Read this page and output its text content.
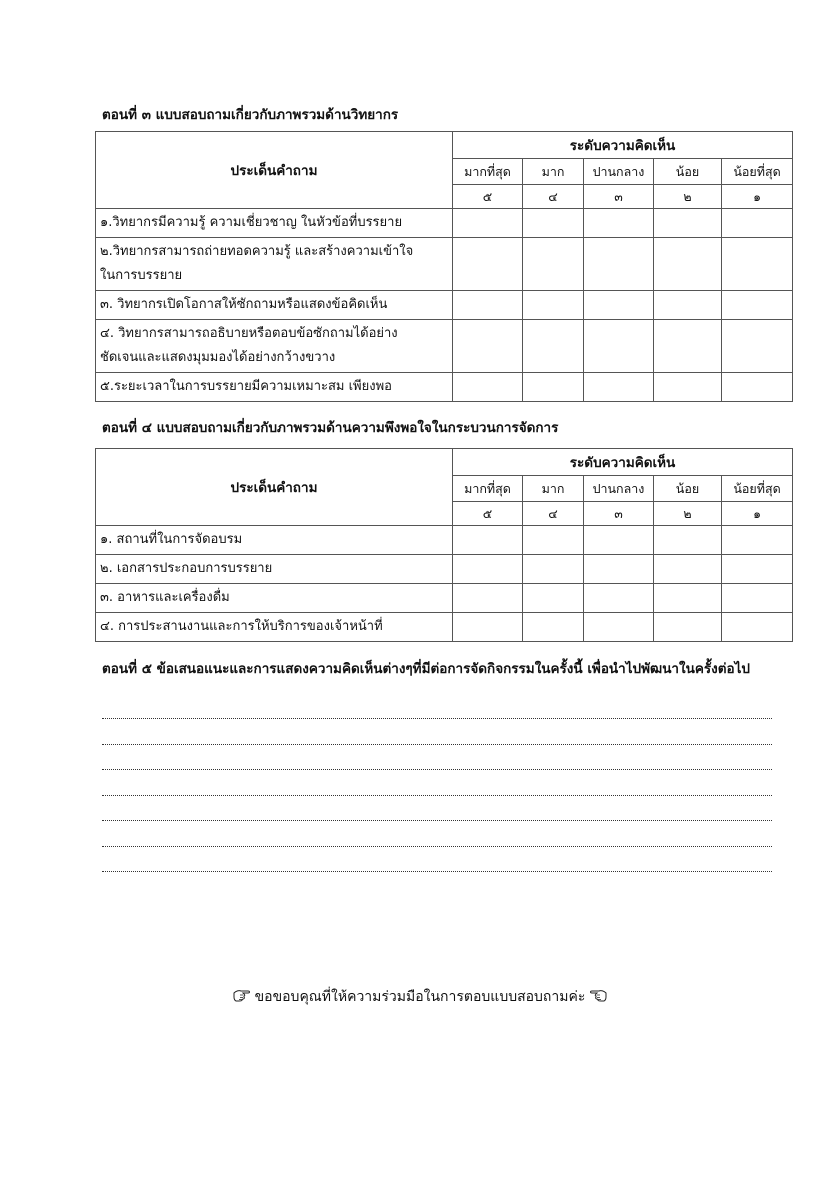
ตอนที่ ๓ แบบสอบถามเกี่ยวกับภาพรวมด้านวิทยากร
ประเด็นคำถาม	ระดับความคิดเห็น				
	มากที่สุด	มาก	ปานกลาง	น้อย	น้อยที่สุด
	๕	๔	๓	๒	๑
๑.วิทยากรมีความรู้ ความเชี่ยวชาญ ในหัวข้อที่บรรยาย					
๒.วิทยากรสามารถถ่ายทอดความรู้ และสร้างความเข้าใจ
ในการบรรยาย					
๓. วิทยากรเปิดโอกาสให้ซักถามหรือแสดงข้อคิดเห็น					
๔. วิทยากรสามารถอธิบายหรือตอบข้อซักถามได้อย่าง
ชัดเจนและแสดงมุมมองได้อย่างกว้างขวาง					
๕.ระยะเวลาในการบรรยายมีความเหมาะสม เพียงพอ					
ตอนที่ ๔ แบบสอบถามเกี่ยวกับภาพรวมด้านความพึงพอใจในกระบวนการจัดการ
ประเด็นคำถาม	ระดับความคิดเห็น				
	มากที่สุด	มาก	ปานกลาง	น้อย	น้อยที่สุด
	๕	๔	๓	๒	๑
๑. สถานที่ในการจัดอบรม					
๒. เอกสารประกอบการบรรยาย					
๓. อาหารและเครื่องดื่ม					
๔. การประสานงานและการให้บริการของเจ้าหน้าที่					
ตอนที่ ๕ ข้อเสนอแนะและการแสดงความคิดเห็นต่างๆที่มีต่อการจัดกิจกรรมในครั้งนี้ เพื่อนำไปพัฒนาในครั้งต่อไป
ขอขอบคุณที่ให้ความร่วมมือในการตอบแบบสอบถามค่ะ
